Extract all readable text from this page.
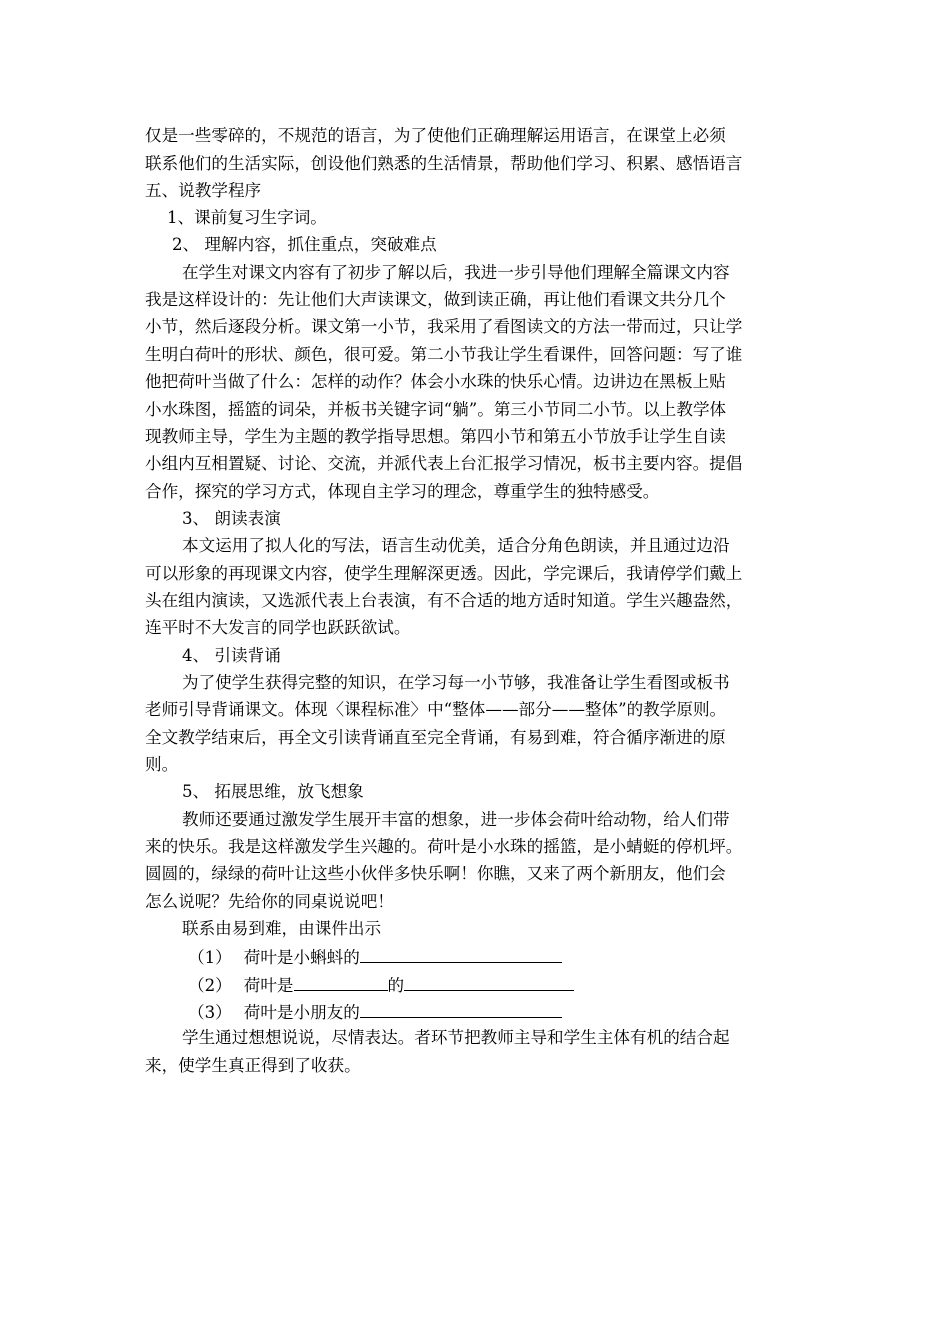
仅是一些零碎的，不规范的语言，为了使他们正确理解运用语言，在课堂上必须
联系他们的生活实际，创设他们熟悉的生活情景，帮助他们学习、积累、感悟语言
五、说教学程序
1、课前复习生字词。
2、 理解内容，抓住重点，突破难点
在学生对课文内容有了初步了解以后，我进一步引导他们理解全篇课文内容
我是这样设计的：先让他们大声读课文，做到读正确，再让他们看课文共分几个
小节，然后逐段分析。课文第一小节，我采用了看图读文的方法一带而过，只让学
生明白荷叶的形状、颜色，很可爱。第二小节我让学生看课件，回答问题：写了谁
他把荷叶当做了什么：怎样的动作？体会小水珠的快乐心情。边讲边在黑板上贴
小水珠图，摇篮的词朵，并板书关键字词“躺”。第三小节同二小节。以上教学体
现教师主导，学生为主题的教学指导思想。第四小节和第五小节放手让学生自读
小组内互相置疑、讨论、交流，并派代表上台汇报学习情况，板书主要内容。提倡
合作，探究的学习方式，体现自主学习的理念，尊重学生的独特感受。
3、 朗读表演
本文运用了拟人化的写法，语言生动优美，适合分角色朗读，并且通过边沿
可以形象的再现课文内容，使学生理解深更透。因此，学完课后，我请停学们戴上
头在组内演读，又选派代表上台表演，有不合适的地方适时知道。学生兴趣盎然，
连平时不大发言的同学也跃跃欲试。
4、 引读背诵
为了使学生获得完整的知识，在学习每一小节够，我准备让学生看图或板书
老师引导背诵课文。体现〈课程标准〉中“整体——部分——整体”的教学原则。
全文教学结束后，再全文引读背诵直至完全背诵，有易到难，符合循序渐进的原
则。
5、 拓展思维，放飞想象
教师还要通过激发学生展开丰富的想象，进一步体会荷叶给动物，给人们带
来的快乐。我是这样激发学生兴趣的。荷叶是小水珠的摇篮，是小蜻蜓的停机坪。
圆圆的，绿绿的荷叶让这些小伙伴多快乐啊！你瞧，又来了两个新朋友，他们会
怎么说呢？先给你的同桌说说吧！
联系由易到难，由课件出示
（1） 荷叶是小蝌蚪的
（2） 荷叶是	的
（3） 荷叶是小朋友的
学生通过想想说说，尽情表达。者环节把教师主导和学生主体有机的结合起
来，使学生真正得到了收获。
